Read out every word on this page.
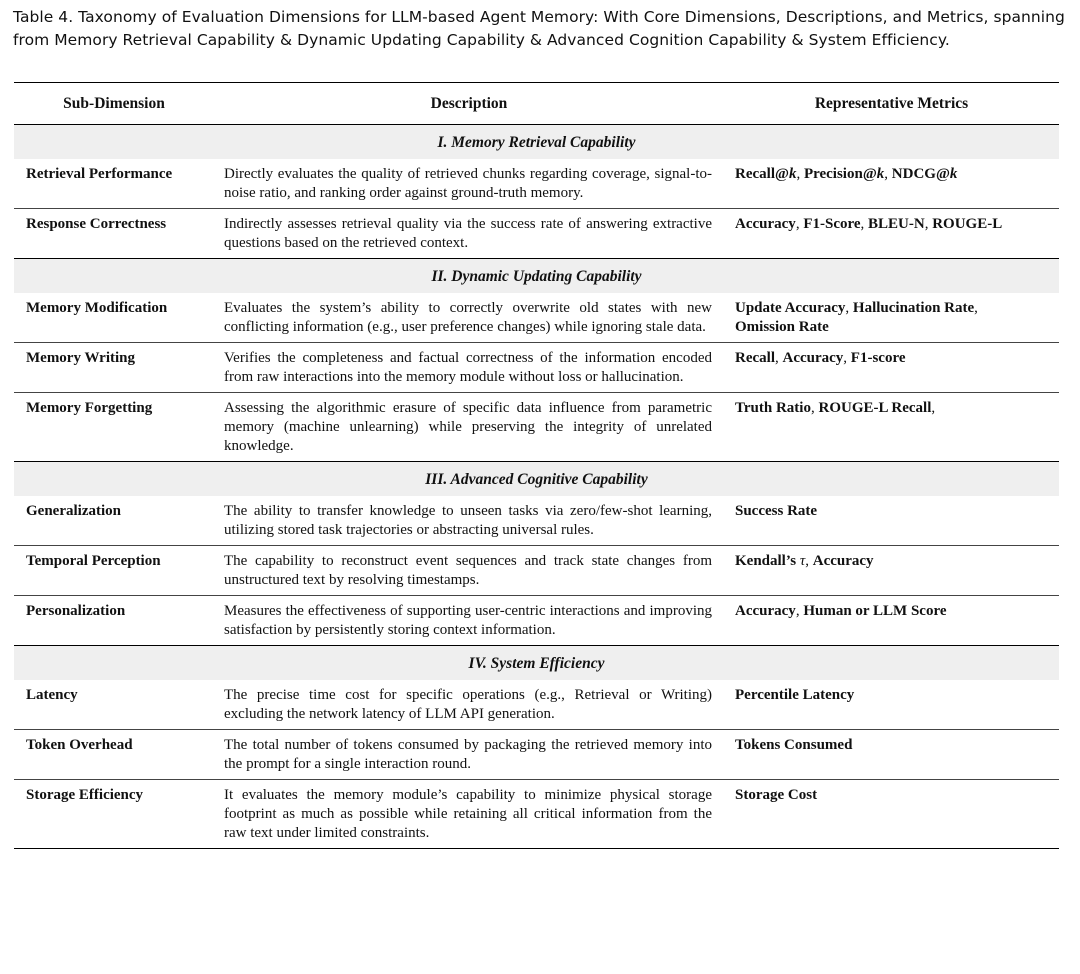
Table 4. Taxonomy of Evaluation Dimensions for LLM-based Agent Memory: With Core Dimensions, Descriptions, and Metrics, spanning from Memory Retrieval Capability & Dynamic Updating Capability & Advanced Cognition Capability & System Efficiency.
Sub-Dimension	Description	Representative Metrics
I. Memory Retrieval Capability		
Retrieval Performance	Directly evaluates the quality of retrieved chunks regarding coverage, signal-to-noise ratio, and ranking order against ground-truth memory.	Recall@k, Precision@k, NDCG@k
Response Correctness	Indirectly assesses retrieval quality via the success rate of answering extractive questions based on the retrieved context.	Accuracy, F1-Score, BLEU-N, ROUGE-L
II. Dynamic Updating Capability		
Memory Modification	Evaluates the system’s ability to correctly overwrite old states with new conflicting information (e.g., user preference changes) while ignoring stale data.	Update Accuracy, Hallucination Rate,
Omission Rate
Memory Writing	Verifies the completeness and factual correctness of the information encoded from raw interactions into the memory module without loss or hallucination.	Recall, Accuracy, F1-score
Memory Forgetting	Assessing the algorithmic erasure of specific data influence from parametric memory (machine unlearning) while preserving the integrity of unrelated knowledge.	Truth Ratio, ROUGE-L Recall,
III. Advanced Cognitive Capability		
Generalization	The ability to transfer knowledge to unseen tasks via zero/few-shot learning, utilizing stored task trajectories or abstracting universal rules.	Success Rate
Temporal Perception	The capability to reconstruct event sequences and track state changes from unstructured text by resolving timestamps.	Kendall’s τ, Accuracy
Personalization	Measures the effectiveness of supporting user-centric interactions and improving satisfaction by persistently storing context information.	Accuracy, Human or LLM Score
IV. System Efficiency		
Latency	The precise time cost for specific operations (e.g., Retrieval or Writing) excluding the network latency of LLM API generation.	Percentile Latency
Token Overhead	The total number of tokens consumed by packaging the retrieved memory into the prompt for a single interaction round.	Tokens Consumed
Storage Efficiency	It evaluates the memory module’s capability to minimize physical storage footprint as much as possible while retaining all critical information from the raw text under limited constraints.	Storage Cost
